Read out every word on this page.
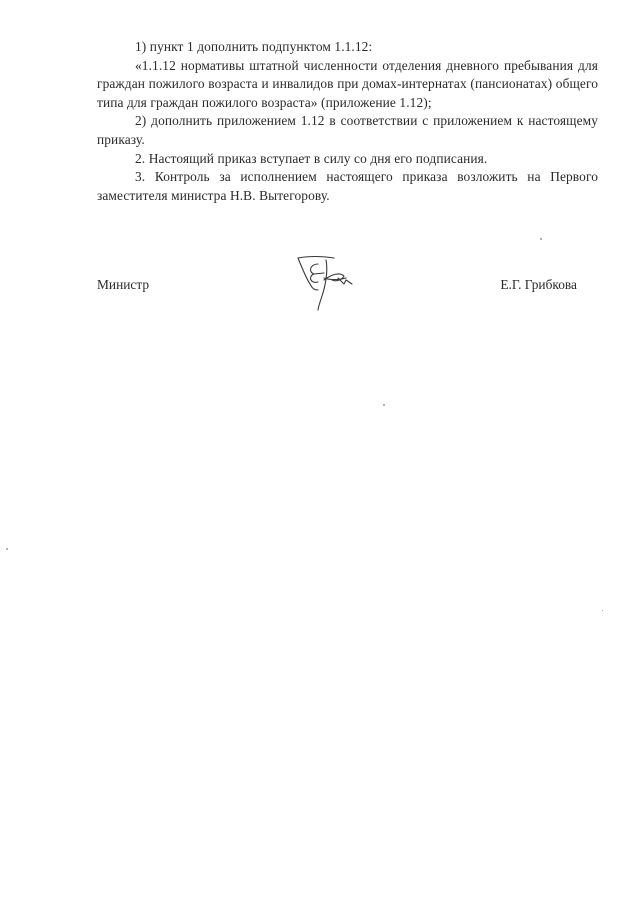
1) пункт 1 дополнить подпунктом 1.1.12:

«1.1.12 нормативы штатной численности отделения дневного пребывания для граждан пожилого возраста и инвалидов при домах-интернатах (пансионатах) общего типа для граждан пожилого возраста» (приложение 1.12);

2) дополнить приложением 1.12 в соответствии с приложением к настоящему приказу.

2. Настоящий приказ вступает в силу со дня его подписания.

3. Контроль за исполнением настоящего приказа возложить на Первого заместителя министра Н.В. Вытегорову.

Министр	Е.Г. Грибкова
